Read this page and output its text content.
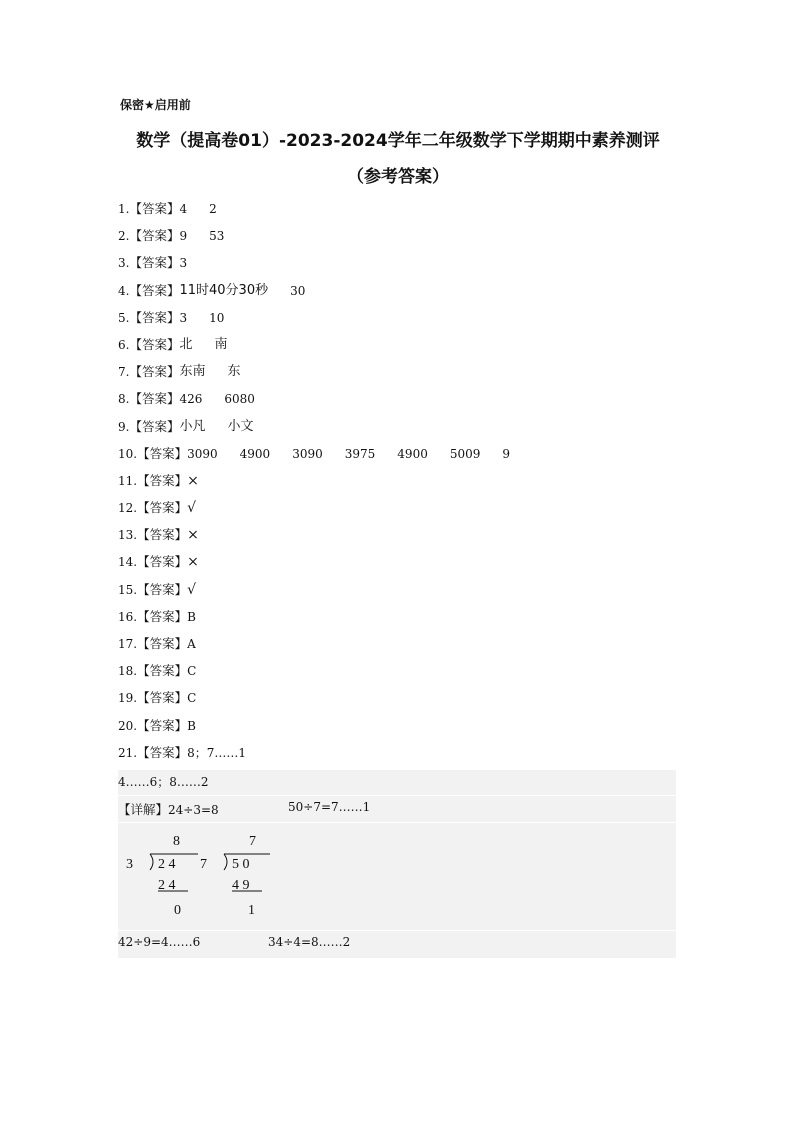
保密★启用前
数学（提高卷01）-2023-2024学年二年级数学下学期期中素养测评
（参考答案）
1. 【答案】 4 2
2. 【答案】 9 53
3. 【答案】 3
4. 【答案】 11时40分30秒 30
5. 【答案】 3 10
6. 【答案】 北 南
7. 【答案】 东南 东
8. 【答案】 426 6080
9. 【答案】 小凡 小文
10. 【答案】 3090 4900 3090 3975 4900 5009 9
11. 【答案】 ×
12. 【答案】 √
13. 【答案】 ×
14. 【答案】 ×
15. 【答案】 √
16. 【答案】 B
17. 【答案】 A
18. 【答案】 C
19. 【答案】 C
20. 【答案】 B
21. 【答案】 8；7……1
4……6；8……2
【详解】24÷3=8	50÷7=7……1
8
3 2 4
2 4
0
7
7 5 0
4 9
1
42÷9=4……6	34÷4=8……2
